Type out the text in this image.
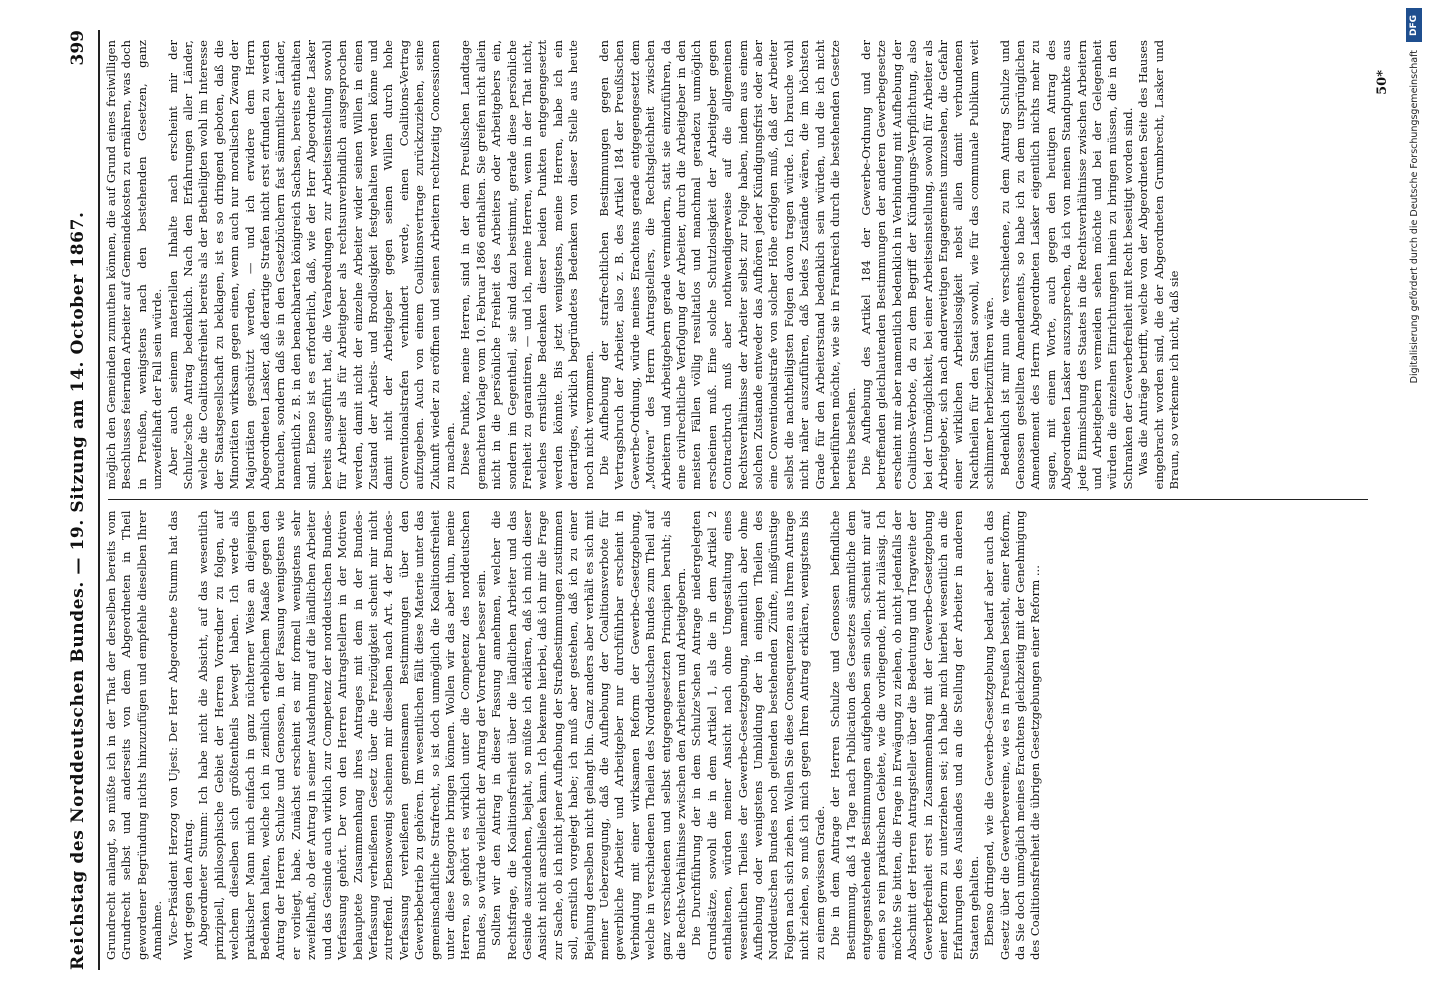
Reichstag des Norddeutschen Bundes. — 19. Sitzung am 14. October 1867.
399

Grundrecht anlangt, so müßte ich in der That der derselben bereits vom Grundrecht selbst und anderseits von dem Abgeordneten in Theil gewordener Begründung nichts hinzuzufügen und empfehle dieselben Ihrer Annahme. Vice-Präsident Herzog von Ujest: Der Herr Abgeordnete Stumm hat das Wort gegen den Antrag. Abgeordneter Stumm: Ich habe nicht die Absicht, auf das wesentlich prinzipiell, philosophische Gebiet der Herren Vorredner zu folgen, auf welchem dieselben sich größtentheils bewegt haben. Ich werde als praktischer Mann mich einfach in ganz nüchterner Weise an diejenigen Bedenken halten, welche ich in ziemlich erheblichem Maaße gegen den Antrag der Herren Schulze und Genossen, in der Fassung wenigstens wie er vorliegt, habe. Zunächst erscheint es mir formell wenigstens sehr zweifelhaft, ob der Antrag in seiner Ausdehnung auf die ländlichen Arbeiter und das Gesinde auch wirklich zur Competenz der norddeutschen Bundes-Verfassung gehört. Der von den Herren Antragstellern in der Motiven behauptete Zusammenhang ihres Antrages mit dem in der Bundes-Verfassung verheißenen Gesetz über die Freizügigkeit scheint mir nicht zutreffend. Ebensowenig scheinen mir dieselben nach Art. 4 der Bundes-Verfassung verheißenen gemeinsamen Bestimmungen über den Gewerbebetrieb zu gehören. Im wesentlichen fällt diese Materie unter das gemeinschaftliche Strafrecht, so ist doch unmöglich die Koalitionsfreiheit unter diese Kategorie bringen können. Wollen wir das aber thun, meine Herren, so gehört es wirklich unter die Competenz des norddeutschen Bundes, so würde vielleicht der Antrag der Vorredner besser sein. Sollten wir den Antrag in dieser Fassung annehmen, welcher die Rechtsfrage, die Koalitionsfreiheit über die ländlichen Arbeiter und das Gesinde auszudehnen, bejaht, so müßte ich erklären, daß ich mich dieser Ansicht nicht anschließen kann. Ich bekenne hierbei, daß ich mir die Frage zur Sache, ob ich nicht jener Aufhebung der Strafbestimmungen zustimmen soll, ernstlich vorgelegt habe; ich muß aber gestehen, daß ich zu einer Bejahung derselben nicht gelangt bin. Ganz anders aber verhält es sich mit meiner Ueberzeugung, daß die Aufhebung der Coalitionsverbote für gewerbliche Arbeiter und Arbeitgeber nur durchführbar erscheint in Verbindung mit einer wirksamen Reform der Gewerbe-Gesetzgebung, welche in verschiedenen Theilen des Norddeutschen Bundes zum Theil auf ganz verschiedenen und selbst entgegengesetzten Principien beruht; als die Rechts-Verhältnisse zwischen den Arbeitern und Arbeitgebern. Die Durchführung der in dem Schulze'schen Antrage niedergelegten Grundsätze, sowohl die in dem Artikel 1, als die in dem Artikel 2 enthaltenen, würden meiner Ansicht nach ohne Umgestaltung eines wesentlichen Theiles der Gewerbe-Gesetzgebung, namentlich aber ohne Aufhebung oder wenigstens Umbildung der in einigen Theilen des Norddeutschen Bundes noch geltenden bestehenden Zünfte, mißgünstige Folgen nach sich ziehen. Wollen Sie diese Consequenzen aus Ihrem Antrage nicht ziehen, so muß ich mich gegen Ihren Antrag erklären, wenigstens bis zu einem gewissen Grade. Die in dem Antrage der Herren Schulze und Genossen befindliche Bestimmung, daß 14 Tage nach Publication des Gesetzes sämmtliche dem entgegenstehende Bestimmungen aufgehoben sein sollen, scheint mir auf einen so rein praktischen Gebiete, wie die vorliegende, nicht zulässig. Ich möchte Sie bitten, die Frage in Erwägung zu ziehen, ob nicht jedenfalls der Abschnitt der Herren Antragsteller über die Bedeutung und Tragweite der Gewerbefreiheit erst in Zusammenhang mit der Gewerbe-Gesetzgebung einer Reform zu unterziehen sei; ich habe mich hierbei wesentlich an die Erfahrungen des Auslandes und an die Stellung der Arbeiter in anderen Staaten gehalten. Ebenso dringend, wie die Gewerbe-Gesetzgebung bedarf aber auch das Gesetz über die Gewerbevereine, wie es in Preußen besteht, einer Reform, da Sie doch unmöglich meines Erachtens gleichzeitig mit der Genehmigung des Coalitionsfreiheit die übrigen Gesetzgebungen einer Reform ...

möglich den Gemeinden zumuthen können, die auf Grund eines freiwilligen Beschlusses feiernden Arbeiter auf Gemeindekosten zu ernähren, was doch in Preußen, wenigstens nach den bestehenden Gesetzen, ganz unzweifelhaft der Fall sein würde. Aber auch seinem materiellen Inhalte nach erscheint mir der Schulze'sche Antrag bedenklich. Nach den Erfahrungen aller Länder, welche die Coalitionsfreiheit bereits als der Betheiligten wohl im Interesse der Staatsgesellschaft zu beklagen, ist es so dringend geboten, daß die Minoritäten wirksam gegen einen, wenn auch nur moralischen Zwang der Majoritäten geschützt werden, — und ich erwidere dem Herrn Abgeordneten Lasker, daß derartige Strafen nicht erst erfunden zu werden brauchen, sondern daß sie in den Gesetzbüchern fast sämmtlicher Länder, namentlich z. B. in den benachbarten königreich Sachsen, bereits enthalten sind. Ebenso ist es erforderlich, daß, wie der Herr Abgeordnete Lasker bereits ausgeführt hat, die Verabredungen zur Arbeitseinstellung sowohl für Arbeiter als für Arbeitgeber als rechtsunverbindlich ausgesprochen werden, damit nicht der einzelne Arbeiter wider seinen Willen in einen Zustand der Arbeits- und Brodlosigkeit festgehalten werden könne und damit nicht der Arbeitgeber gegen seinen Willen durch hohe Conventionalstrafen verhindert werde, einen Coalitions-Vertrag aufzugeben. Auch von einem Coalitionsvertrage zurückzuziehen, seine Zukunft wieder zu eröffnen und seinen Arbeitern rechtzeitig Concessionen zu machen. Diese Punkte, meine Herren, sind in der dem Preußischen Landtage gemachten Vorlage vom 10. Februar 1866 enthalten. Sie greifen nicht allein nicht in die persönliche Freiheit des Arbeiters oder Arbeitgebers ein, sondern im Gegentheil, sie sind dazu bestimmt, gerade diese persönliche Freiheit zu garantiren, — und ich, meine Herren, wenn in der That nicht, welches ernstliche Bedenken dieser beiden Punkten entgegengesetzt werden könnte. Bis jetzt wenigstens, meine Herren, habe ich ein derartiges, wirklich begründetes Bedenken von dieser Stelle aus heute noch nicht vernommen. Die Aufhebung der strafrechtlichen Bestimmungen gegen den Vertragsbruch der Arbeiter, also z. B. des Artikel 184 der Preußischen Gewerbe-Ordnung, würde meines Erachtens gerade entgegengesetzt dem „Motiven“ des Herrn Antragstellers, die Rechtsgleichheit zwischen Arbeitern und Arbeitgebern gerade vermindern, statt sie einzuführen, da eine civilrechtliche Verfolgung der Arbeiter, durch die Arbeitgeber in den meisten Fällen völlig resultatlos und manchmal geradezu unmöglich erscheinen muß. Eine solche Schutzlosigkeit der Arbeitgeber gegen Contractbruch muß aber nothwendigerweise auf die allgemeinen Rechtsverhältnisse der Arbeiter selbst zur Folge haben, indem aus einem solchen Zustande entweder das Aufhören jeder Kündigungsfrist oder aber eine Conventionalstrafe von solcher Höhe erfolgen muß, daß der Arbeiter selbst die nachtheiligsten Folgen davon tragen würde. Ich brauche wohl nicht näher auszuführen, daß beides Zustände wären, die im höchsten Grade für den Arbeiterstand bedenklich sein würden, und die ich nicht herbeiführen möchte, wie sie in Frankreich durch die bestehenden Gesetze bereits bestehen. Die Aufhebung des Artikel 184 der Gewerbe-Ordnung und der betreffenden gleichlautenden Bestimmungen der anderen Gewerbegesetze erscheint mir aber namentlich bedenklich in Verbindung mit Aufhebung der Coalitions-Verbote, da zu dem Begriff der Kündigungs-Verpflichtung, also bei der Unmöglichkeit, bei einer Arbeitseinstellung, sowohl für Arbeiter als Arbeitgeber, sich nach anderweitigen Engagements umzusehen, die Gefahr einer wirklichen Arbeitslosigkeit nebst allen damit verbundenen Nachtheilen für den Staat sowohl, wie für das communale Publikum weit schlimmer herbeizuführen wäre. Bedenklich ist mir nun die verschiedene, zu dem Antrag Schulze und Genossen gestellten Amendements, so habe ich zu dem ursprünglichen Amendement des Herrn Abgeordneten Lasker eigentlich nichts mehr zu sagen, mit einem Worte, auch gegen den heutigen Antrag des Abgeordneten Lasker auszusprechen, da ich von meinen Standpunkte aus jede Einmischung des Staates in die Rechtsverhältnisse zwischen Arbeitern und Arbeitgebern vermeiden sehen möchte und bei der Gelegenheit würden die einzelnen Einrichtungen hinein zu bringen müssen, die in den Schranken der Gewerbefreiheit mit Recht beseitigt worden sind. Was die Anträge betrifft, welche von der Abgeordneten Seite des Hauses eingebracht worden sind, die der Abgeordneten Grumbrecht, Lasker und Braun, so verkenne ich nicht, daß sie

50*
DFG
Digitalisierung gefördert durch die Deutsche Forschungsgemeinschaft
